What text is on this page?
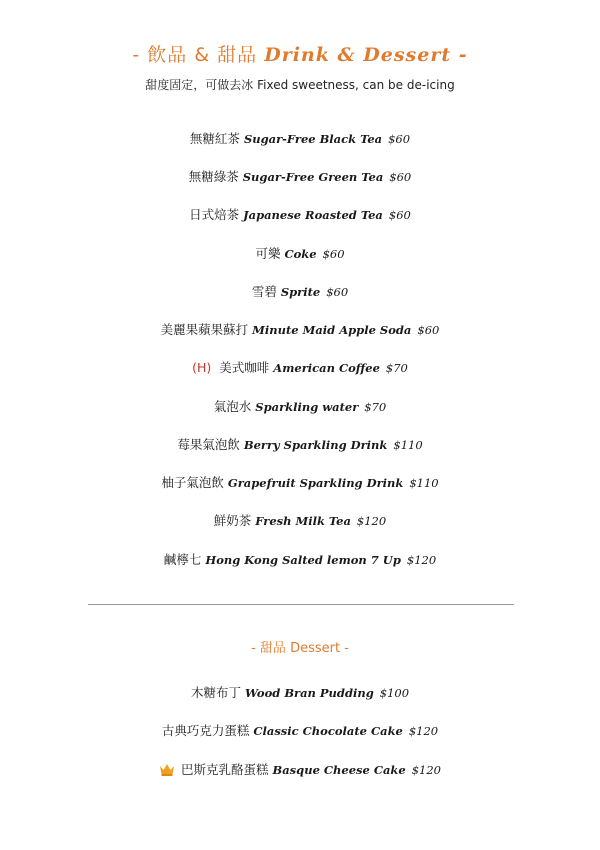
- 飲品 & 甜品 Drink & Dessert -
甜度固定，可做去冰 Fixed sweetness, can be de-icing
無糖紅茶 Sugar-Free Black Tea $60
無糖綠茶 Sugar-Free Green Tea $60
日式焙茶 Japanese Roasted Tea $60
可樂 Coke $60
雪碧 Sprite $60
美麗果蘋果蘇打 Minute Maid Apple Soda $60
(H) 美式咖啡 American Coffee $70
氣泡水 Sparkling water $70
莓果氣泡飲 Berry Sparkling Drink $110
柚子氣泡飲 Grapefruit Sparkling Drink $110
鮮奶茶 Fresh Milk Tea $120
鹹檸七 Hong Kong Salted lemon 7 Up $120
- 甜品 Dessert -
木糖布丁 Wood Bran Pudding $100
古典巧克力蛋糕 Classic Chocolate Cake $120
巴斯克乳酪蛋糕 Basque Cheese Cake $120
